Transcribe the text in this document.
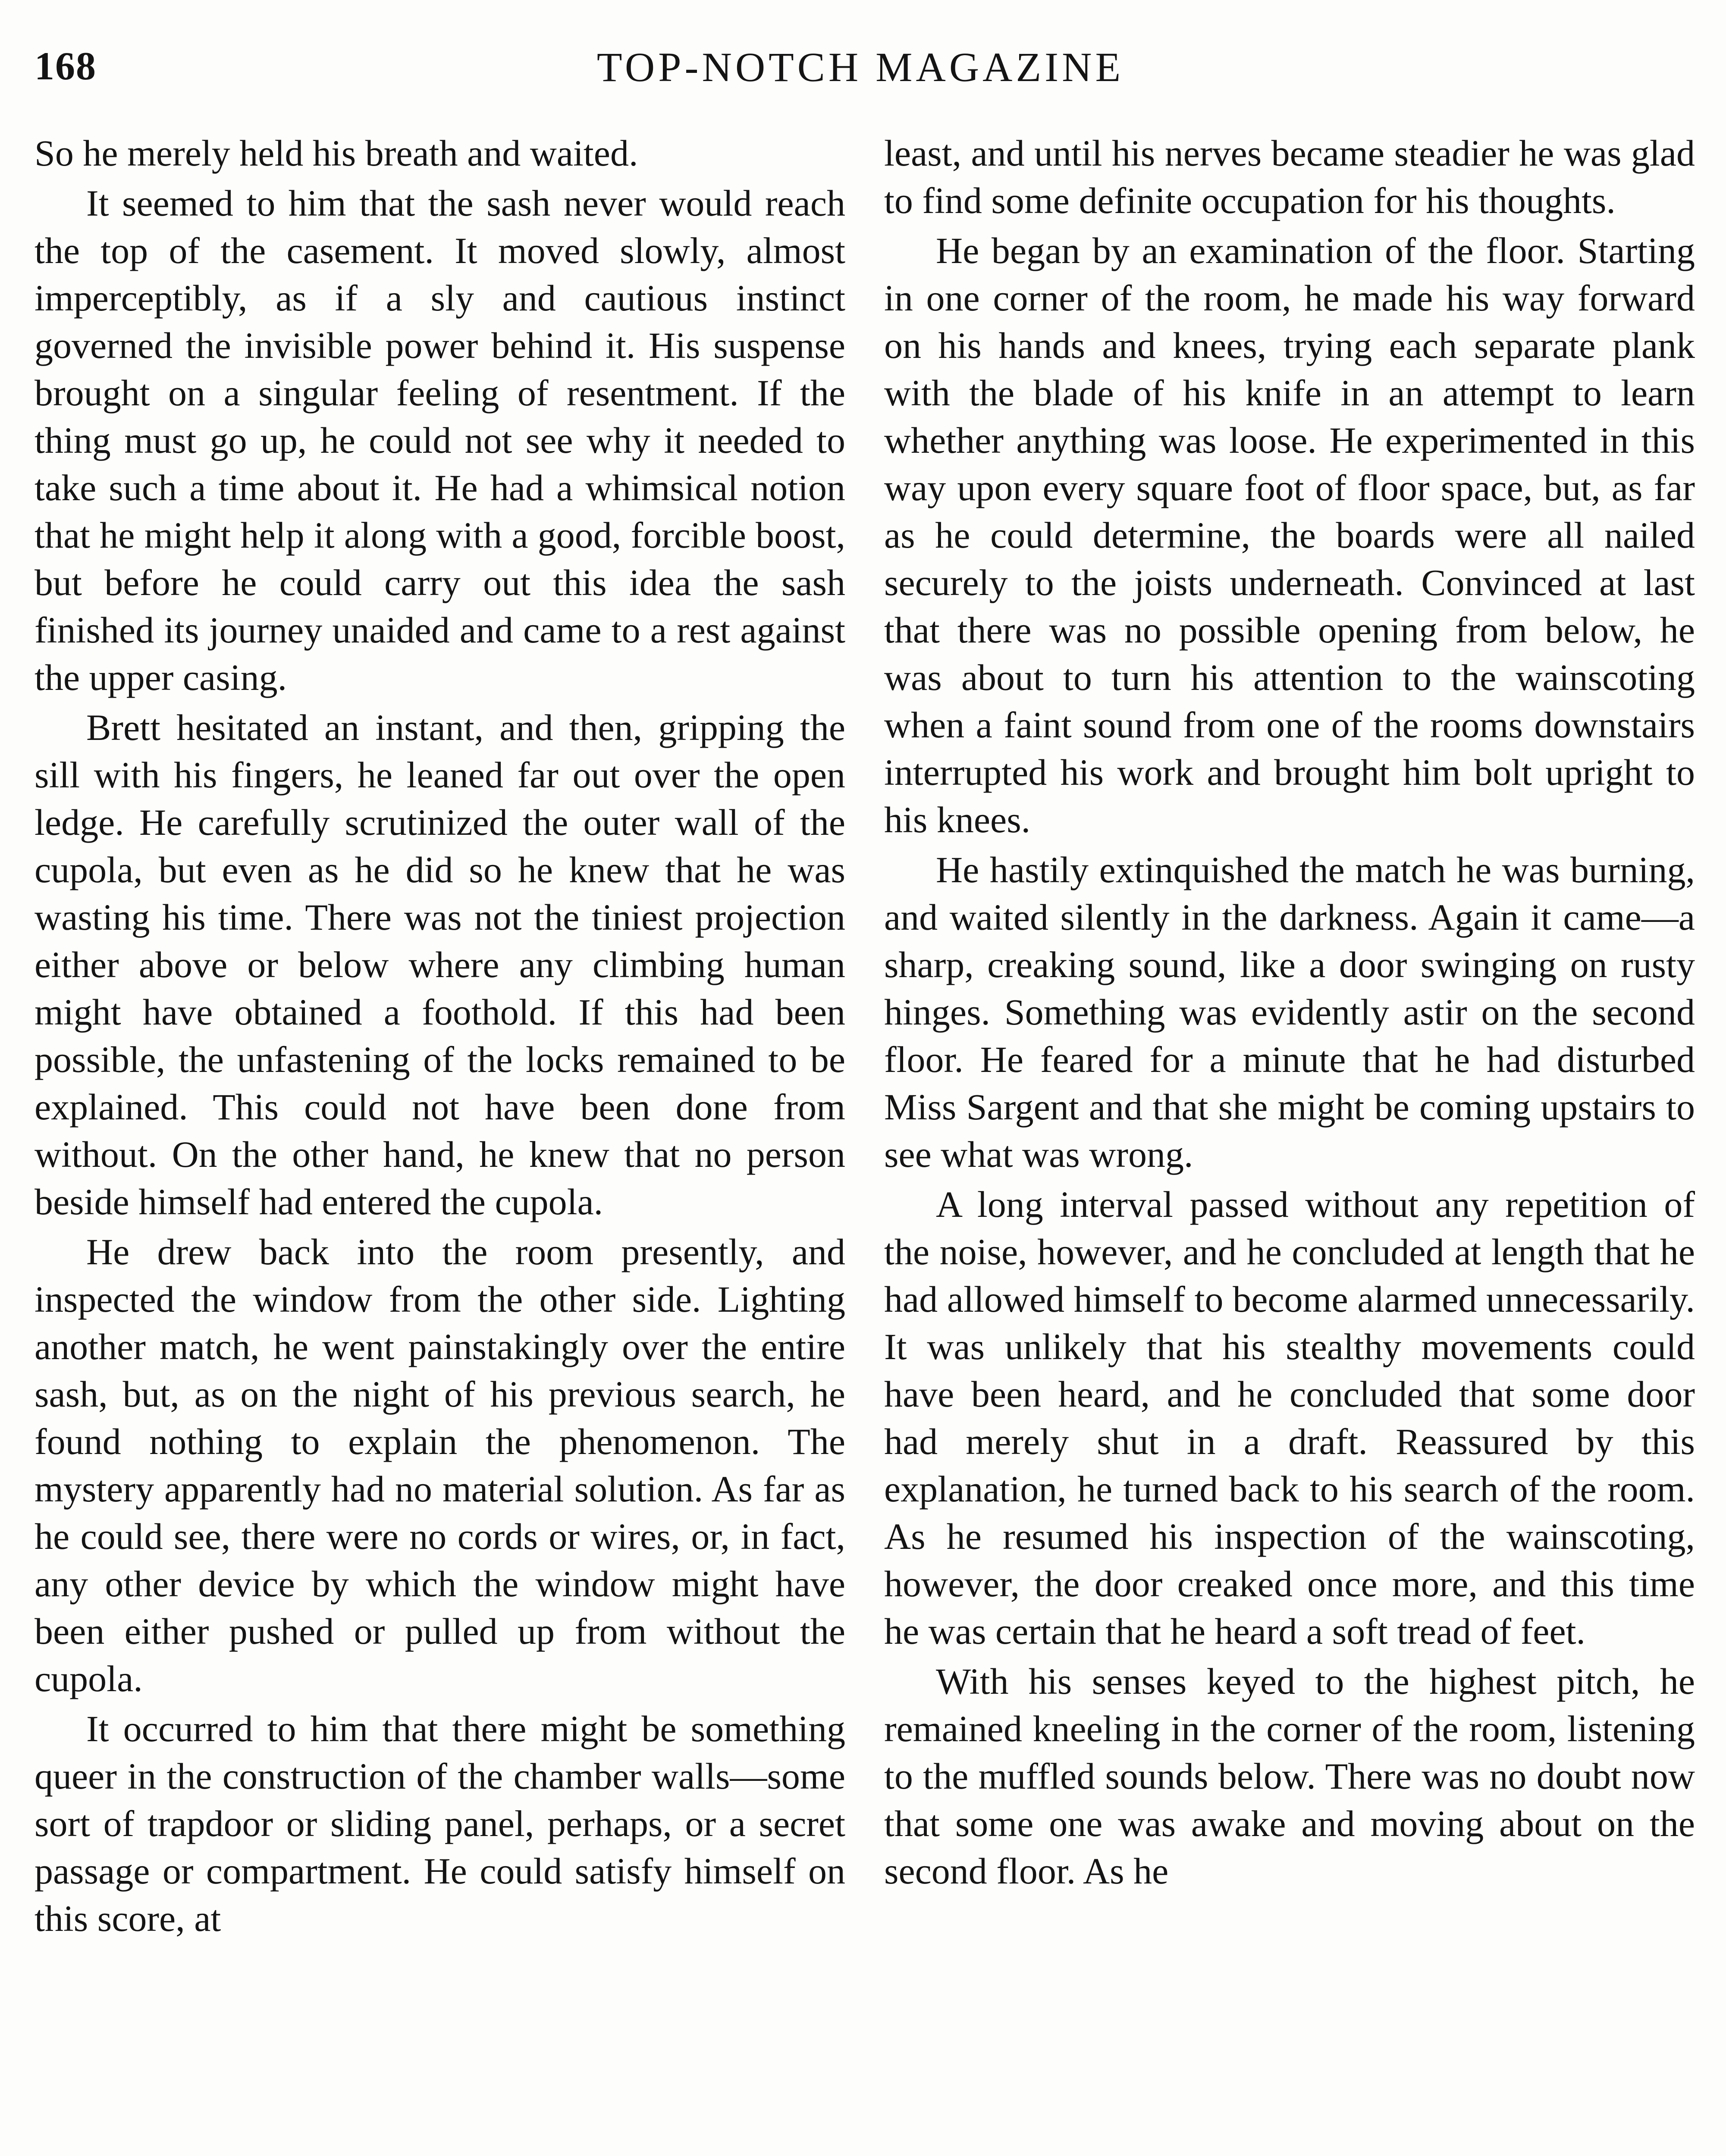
168	TOP-NOTCH MAGAZINE

So he merely held his breath and waited.

It seemed to him that the sash never would reach the top of the casement. It moved slowly, almost imperceptibly, as if a sly and cautious instinct governed the invisible power behind it. His suspense brought on a singular feeling of resentment. If the thing must go up, he could not see why it needed to take such a time about it. He had a whimsical notion that he might help it along with a good, forcible boost, but before he could carry out this idea the sash finished its journey unaided and came to a rest against the upper casing.

Brett hesitated an instant, and then, gripping the sill with his fingers, he leaned far out over the open ledge. He carefully scrutinized the outer wall of the cupola, but even as he did so he knew that he was wasting his time. There was not the tiniest projection either above or below where any climbing human might have obtained a foothold. If this had been possible, the unfastening of the locks remained to be explained. This could not have been done from without. On the other hand, he knew that no person beside himself had entered the cupola.

He drew back into the room presently, and inspected the window from the other side. Lighting another match, he went painstakingly over the entire sash, but, as on the night of his previous search, he found nothing to explain the phenomenon. The mystery apparently had no material solution. As far as he could see, there were no cords or wires, or, in fact, any other device by which the window might have been either pushed or pulled up from without the cupola.

It occurred to him that there might be something queer in the construction of the chamber walls—some sort of trapdoor or sliding panel, perhaps, or a secret passage or compartment. He could satisfy himself on this score, at

least, and until his nerves became steadier he was glad to find some definite occupation for his thoughts.

He began by an examination of the floor. Starting in one corner of the room, he made his way forward on his hands and knees, trying each separate plank with the blade of his knife in an attempt to learn whether anything was loose. He experimented in this way upon every square foot of floor space, but, as far as he could determine, the boards were all nailed securely to the joists underneath. Convinced at last that there was no possible opening from below, he was about to turn his attention to the wainscoting when a faint sound from one of the rooms downstairs interrupted his work and brought him bolt upright to his knees.

He hastily extinquished the match he was burning, and waited silently in the darkness. Again it came—a sharp, creaking sound, like a door swinging on rusty hinges. Something was evidently astir on the second floor. He feared for a minute that he had disturbed Miss Sargent and that she might be coming upstairs to see what was wrong.

A long interval passed without any repetition of the noise, however, and he concluded at length that he had allowed himself to become alarmed unnecessarily. It was unlikely that his stealthy movements could have been heard, and he concluded that some door had merely shut in a draft. Reassured by this explanation, he turned back to his search of the room. As he resumed his inspection of the wainscoting, however, the door creaked once more, and this time he was certain that he heard a soft tread of feet.

With his senses keyed to the highest pitch, he remained kneeling in the corner of the room, listening to the muffled sounds below. There was no doubt now that some one was awake and moving about on the second floor. As he
